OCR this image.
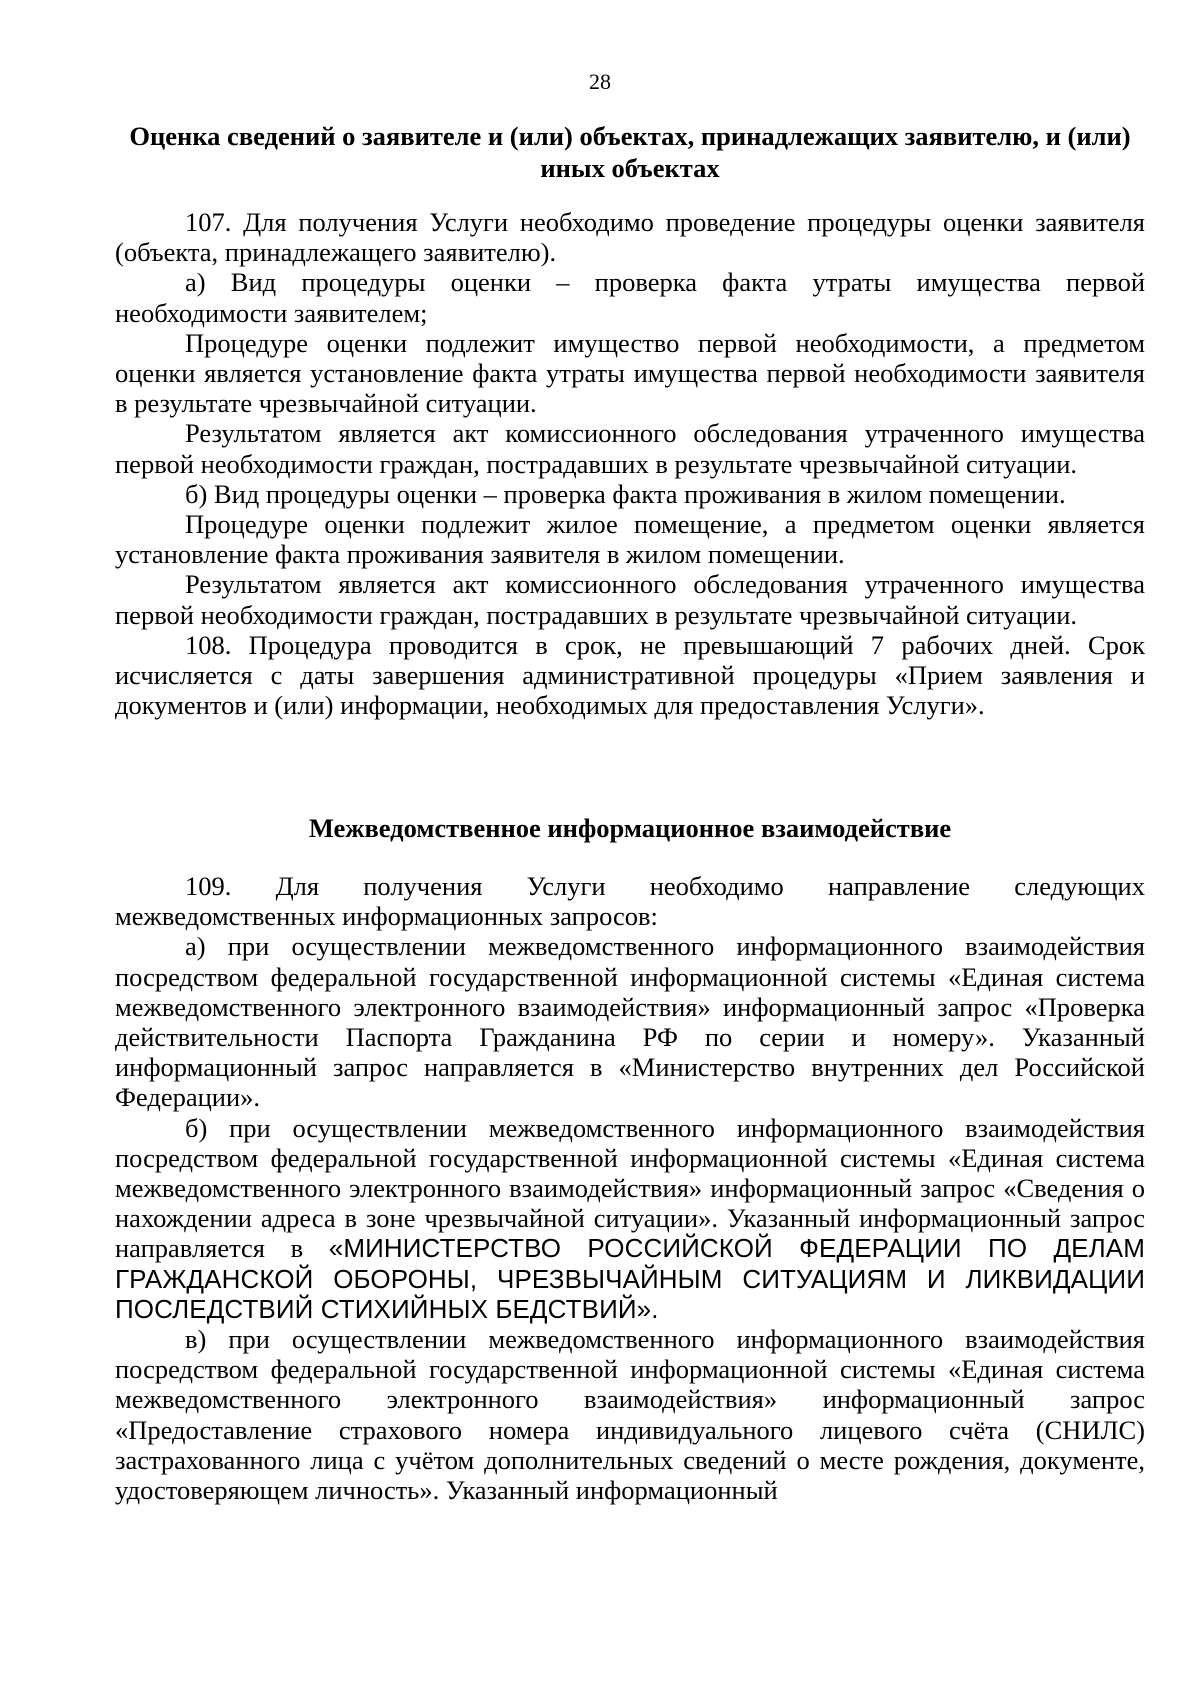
28
Оценка сведений о заявителе и (или) объектах, принадлежащих заявителю, и (или) иных объектах

107. Для получения Услуги необходимо проведение процедуры оценки заявителя (объекта, принадлежащего заявителю).

а) Вид процедуры оценки – проверка факта утраты имущества первой необходимости заявителем;

Процедуре оценки подлежит имущество первой необходимости, а предметом оценки является установление факта утраты имущества первой необходимости заявителя в результате чрезвычайной ситуации.

Результатом является акт комиссионного обследования утраченного имущества первой необходимости граждан, пострадавших в результате чрезвычайной ситуации.

б) Вид процедуры оценки – проверка факта проживания в жилом помещении.

Процедуре оценки подлежит жилое помещение, а предметом оценки является установление факта проживания заявителя в жилом помещении.

Результатом является акт комиссионного обследования утраченного имущества первой необходимости граждан, пострадавших в результате чрезвычайной ситуации.

108. Процедура проводится в срок, не превышающий 7 рабочих дней. Срок исчисляется с даты завершения административной процедуры «Прием заявления и документов и (или) информации, необходимых для предоставления Услуги».

Межведомственное информационное взаимодействие

109. Для получения Услуги необходимо направление следующих межведомственных информационных запросов:

а) при осуществлении межведомственного информационного взаимодействия посредством федеральной государственной информационной системы «Единая система межведомственного электронного взаимодействия» информационный запрос «Проверка действительности Паспорта Гражданина РФ по серии и номеру». Указанный информационный запрос направляется в «Министерство внутренних дел Российской Федерации».

б) при осуществлении межведомственного информационного взаимодействия посредством федеральной государственной информационной системы «Единая система межведомственного электронного взаимодействия» информационный запрос «Сведения о нахождении адреса в зоне чрезвычайной ситуации». Указанный информационный запрос направляется в «МИНИСТЕРСТВО РОССИЙСКОЙ ФЕДЕРАЦИИ ПО ДЕЛАМ ГРАЖДАНСКОЙ ОБОРОНЫ, ЧРЕЗВЫЧАЙНЫМ СИТУАЦИЯМ И ЛИКВИДАЦИИ ПОСЛЕДСТВИЙ СТИХИЙНЫХ БЕДСТВИЙ».

в) при осуществлении межведомственного информационного взаимодействия посредством федеральной государственной информационной системы «Единая система межведомственного электронного взаимодействия» информационный запрос «Предоставление страхового номера индивидуального лицевого счёта (СНИЛС) застрахованного лица с учётом дополнительных сведений о месте рождения, документе, удостоверяющем личность». Указанный информационный
